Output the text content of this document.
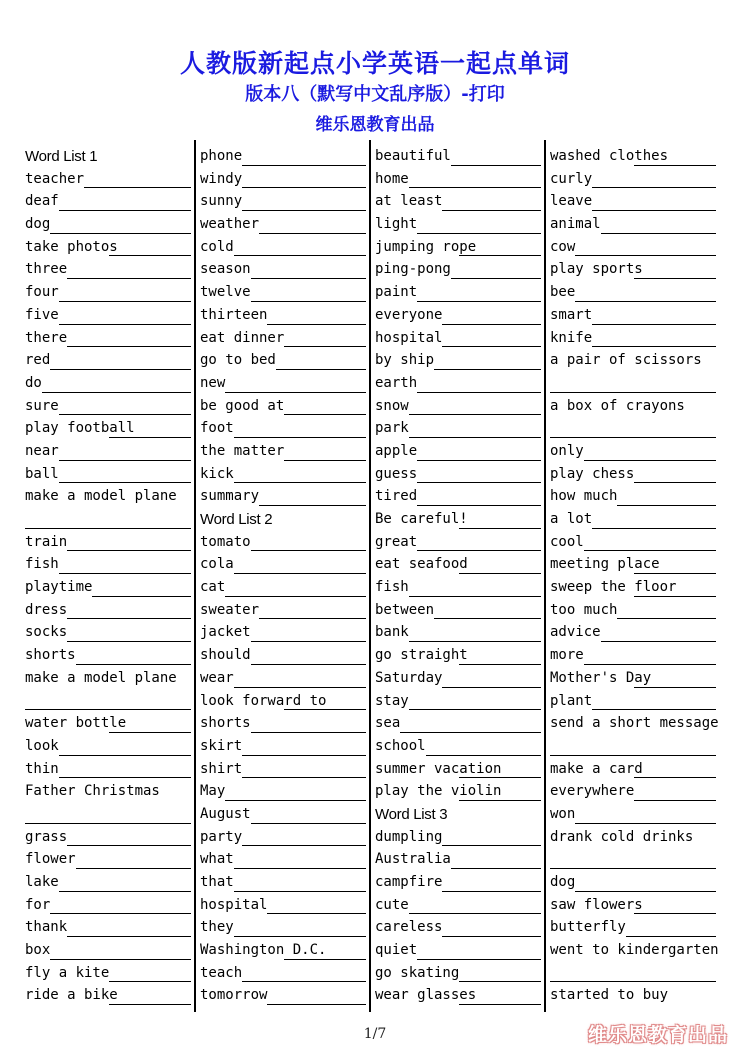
人教版新起点小学英语一起点单词
版本八（默写中文乱序版）-打印
维乐恩教育出品
Word List 1
teacher
deaf
dog
take photos
three
four
five
there
red
do
sure
play football
near
ball
make a model plane
train
fish
playtime
dress
socks
shorts
make a model plane
water bottle
look
thin
Father Christmas
grass
flower
lake
for
thank
box
fly a kite
ride a bike
phone
windy
sunny
weather
cold
season
twelve
thirteen
eat dinner
go to bed
new
be good at
foot
the matter
kick
summary
Word List 2
tomato
cola
cat
sweater
jacket
should
wear
look forward to
shorts
skirt
shirt
May
August
party
what
that
hospital
they
Washington D.C.
teach
tomorrow
beautiful
home
at least
light
jumping rope
ping-pong
paint
everyone
hospital
by ship
earth
snow
park
apple
guess
tired
Be careful!
great
eat seafood
fish
between
bank
go straight
Saturday
stay
sea
school
summer vacation
play the violin
Word List 3
dumpling
Australia
campfire
cute
careless
quiet
go skating
wear glasses
washed clothes
curly
leave
animal
cow
play sports
bee
smart
knife
a pair of scissors
a box of crayons
only
play chess
how much
a lot
cool
meeting place
sweep the floor
too much
advice
more
Mother's Day
plant
send a short message
make a card
everywhere
won
drank cold drinks
dog
saw flowers
butterfly
went to kindergarten
started to buy
1/7	维乐恩教育出品
